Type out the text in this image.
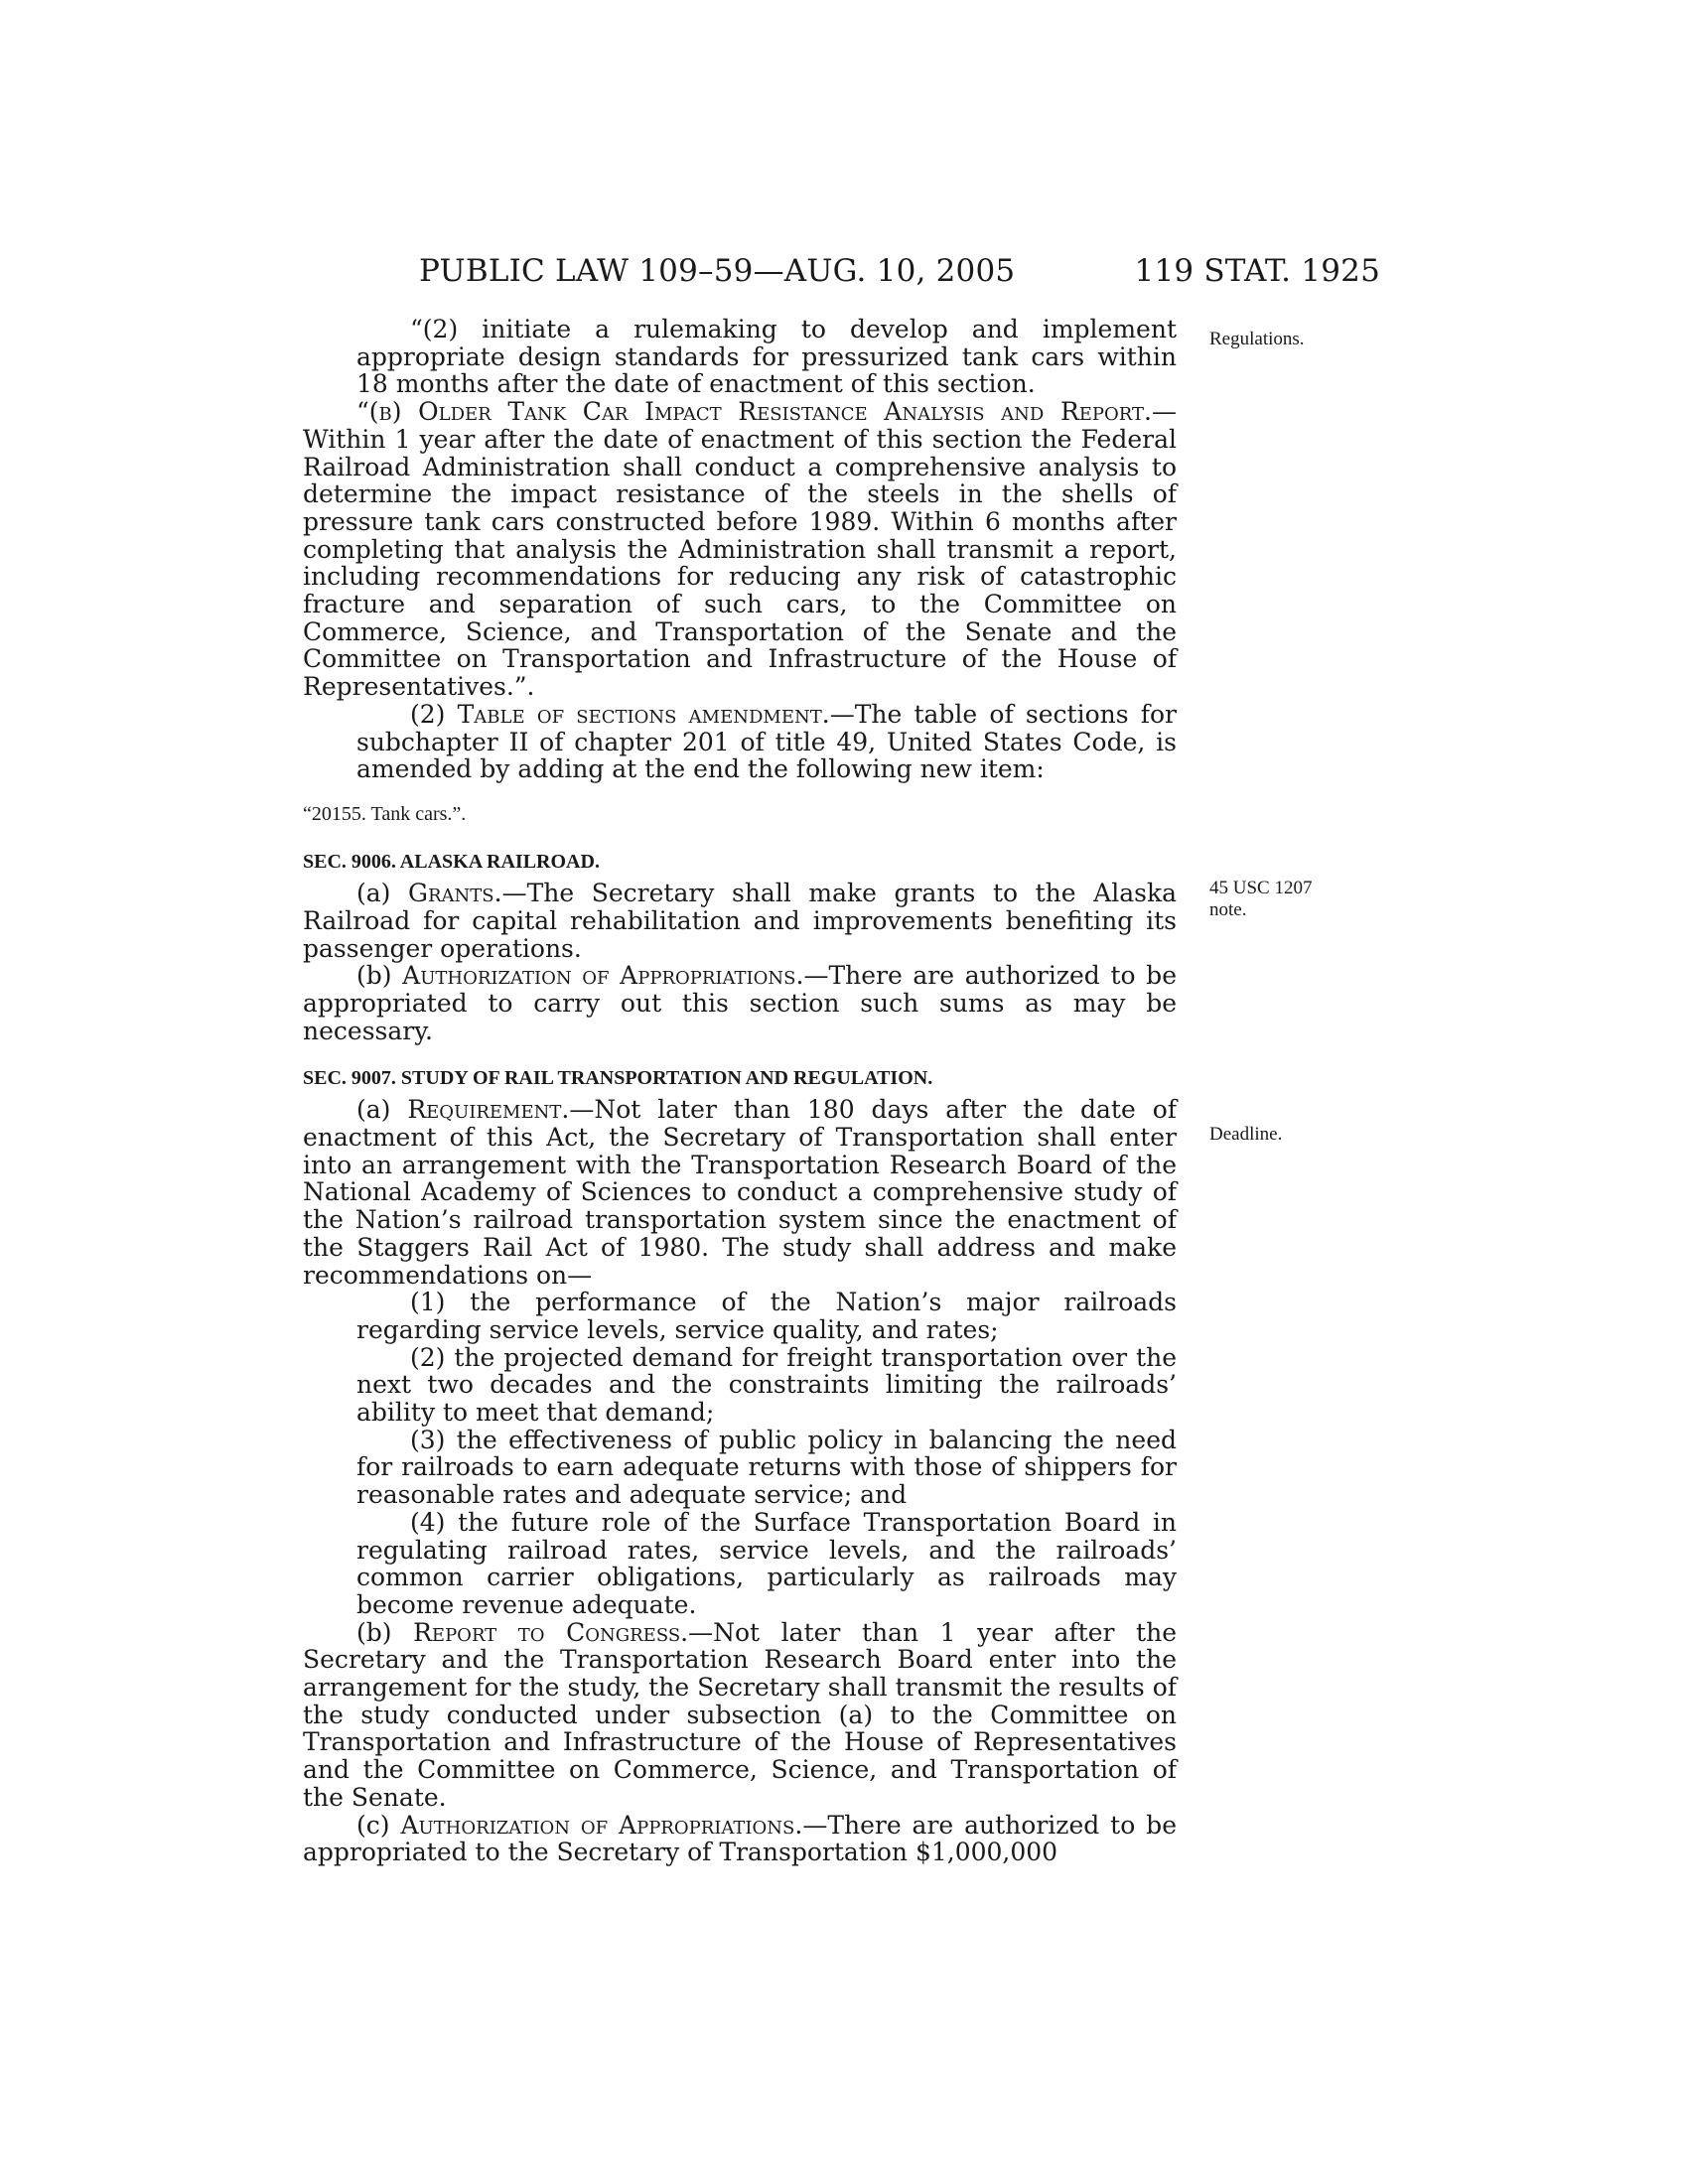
PUBLIC LAW 109–59—AUG. 10, 2005	119 STAT. 1925
Regulations.
45 USC 1207
note.
Deadline.

“(2) initiate a rulemaking to develop and implement appropriate design standards for pressurized tank cars within 18 months after the date of enactment of this section.

“(b) Older Tank Car Impact Resistance Analysis and Report.—Within 1 year after the date of enactment of this section the Federal Railroad Administration shall conduct a comprehensive analysis to determine the impact resistance of the steels in the shells of pressure tank cars constructed before 1989. Within 6 months after completing that analysis the Administration shall transmit a report, including recommendations for reducing any risk of catastrophic fracture and separation of such cars, to the Committee on Commerce, Science, and Transportation of the Senate and the Committee on Transportation and Infrastructure of the House of Representatives.”.

(2) Table of sections amendment.—The table of sections for subchapter II of chapter 201 of title 49, United States Code, is amended by adding at the end the following new item:

“20155. Tank cars.”.

SEC. 9006. ALASKA RAILROAD.

(a) Grants.—The Secretary shall make grants to the Alaska Railroad for capital rehabilitation and improvements benefiting its passenger operations.

(b) Authorization of Appropriations.—There are authorized to be appropriated to carry out this section such sums as may be necessary.

SEC. 9007. STUDY OF RAIL TRANSPORTATION AND REGULATION.

(a) Requirement.—Not later than 180 days after the date of enactment of this Act, the Secretary of Transportation shall enter into an arrangement with the Transportation Research Board of the National Academy of Sciences to conduct a comprehensive study of the Nation’s railroad transportation system since the enactment of the Staggers Rail Act of 1980. The study shall address and make recommendations on—

(1) the performance of the Nation’s major railroads regarding service levels, service quality, and rates;

(2) the projected demand for freight transportation over the next two decades and the constraints limiting the railroads’ ability to meet that demand;

(3) the effectiveness of public policy in balancing the need for railroads to earn adequate returns with those of shippers for reasonable rates and adequate service; and

(4) the future role of the Surface Transportation Board in regulating railroad rates, service levels, and the railroads’ common carrier obligations, particularly as railroads may become revenue adequate.

(b) Report to Congress.—Not later than 1 year after the Secretary and the Transportation Research Board enter into the arrangement for the study, the Secretary shall transmit the results of the study conducted under subsection (a) to the Committee on Transportation and Infrastructure of the House of Representatives and the Committee on Commerce, Science, and Transportation of the Senate.

(c) Authorization of Appropriations.—There are authorized to be appropriated to the Secretary of Transportation $1,000,000
